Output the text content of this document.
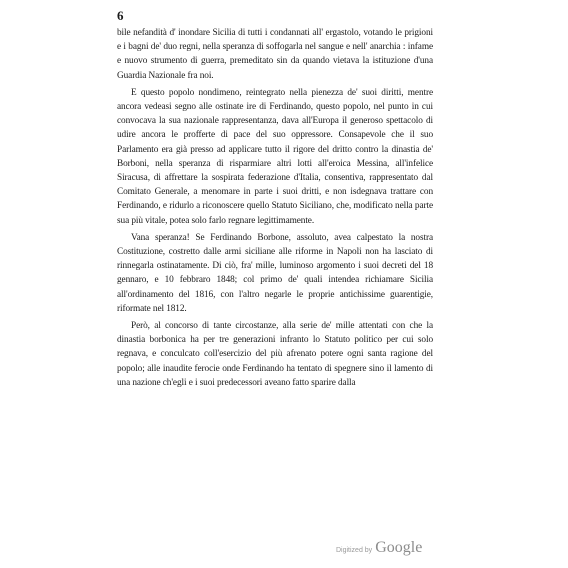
6

bile nefandità d' inondare Sicilia di tutti i condannati all' ergastolo, votando le prigioni e i bagni de' duo regni, nella speranza di soffogarla nel sangue e nell' anarchia : infame e nuovo strumento di guerra, premeditato sin da quando vietava la istituzione d'una Guardia Nazionale fra noi.

E questo popolo nondimeno, reintegrato nella pienezza de' suoi diritti, mentre ancora vedeasi segno alle ostinate ire di Ferdinando, questo popolo, nel punto in cui convocava la sua nazionale rappresentanza, dava all'Europa il generoso spettacolo di udire ancora le profferte di pace del suo oppressore. Consapevole che il suo Parlamento era già presso ad applicare tutto il rigore del dritto contro la dinastia de' Borboni, nella speranza di risparmiare altri lotti all'eroica Messina, all'infelice Siracusa, di affrettare la sospirata federazione d'Italia, consentiva, rappresentato dal Comitato Generale, a menomare in parte i suoi dritti, e non isdegnava trattare con Ferdinando, e ridurlo a riconoscere quello Statuto Siciliano, che, modificato nella parte sua più vitale, potea solo farlo regnare legittimamente.

Vana speranza! Se Ferdinando Borbone, assoluto, avea calpestato la nostra Costituzione, costretto dalle armi siciliane alle riforme in Napoli non ha lasciato di rinnegarla ostinatamente. Di ciò, fra' mille, luminoso argomento i suoi decreti del 18 gennaro, e 10 febbraro 1848; col primo de' quali intendea richiamare Sicilia all'ordinamento del 1816, con l'altro negarle le proprie antichissime guarentigie, riformate nel 1812.

Però, al concorso di tante circostanze, alla serie de' mille attentati con che la dinastia borbonica ha per tre generazioni infranto lo Statuto politico per cui solo regnava, e conculcato coll'esercizio del più afrenato potere ogni santa ragione del popolo; alle inaudite ferocie onde Ferdinando ha tentato di spegnere sino il lamento di una nazione ch'egli e i suoi predecessori aveano fatto sparire dalla

Digitized by Google
